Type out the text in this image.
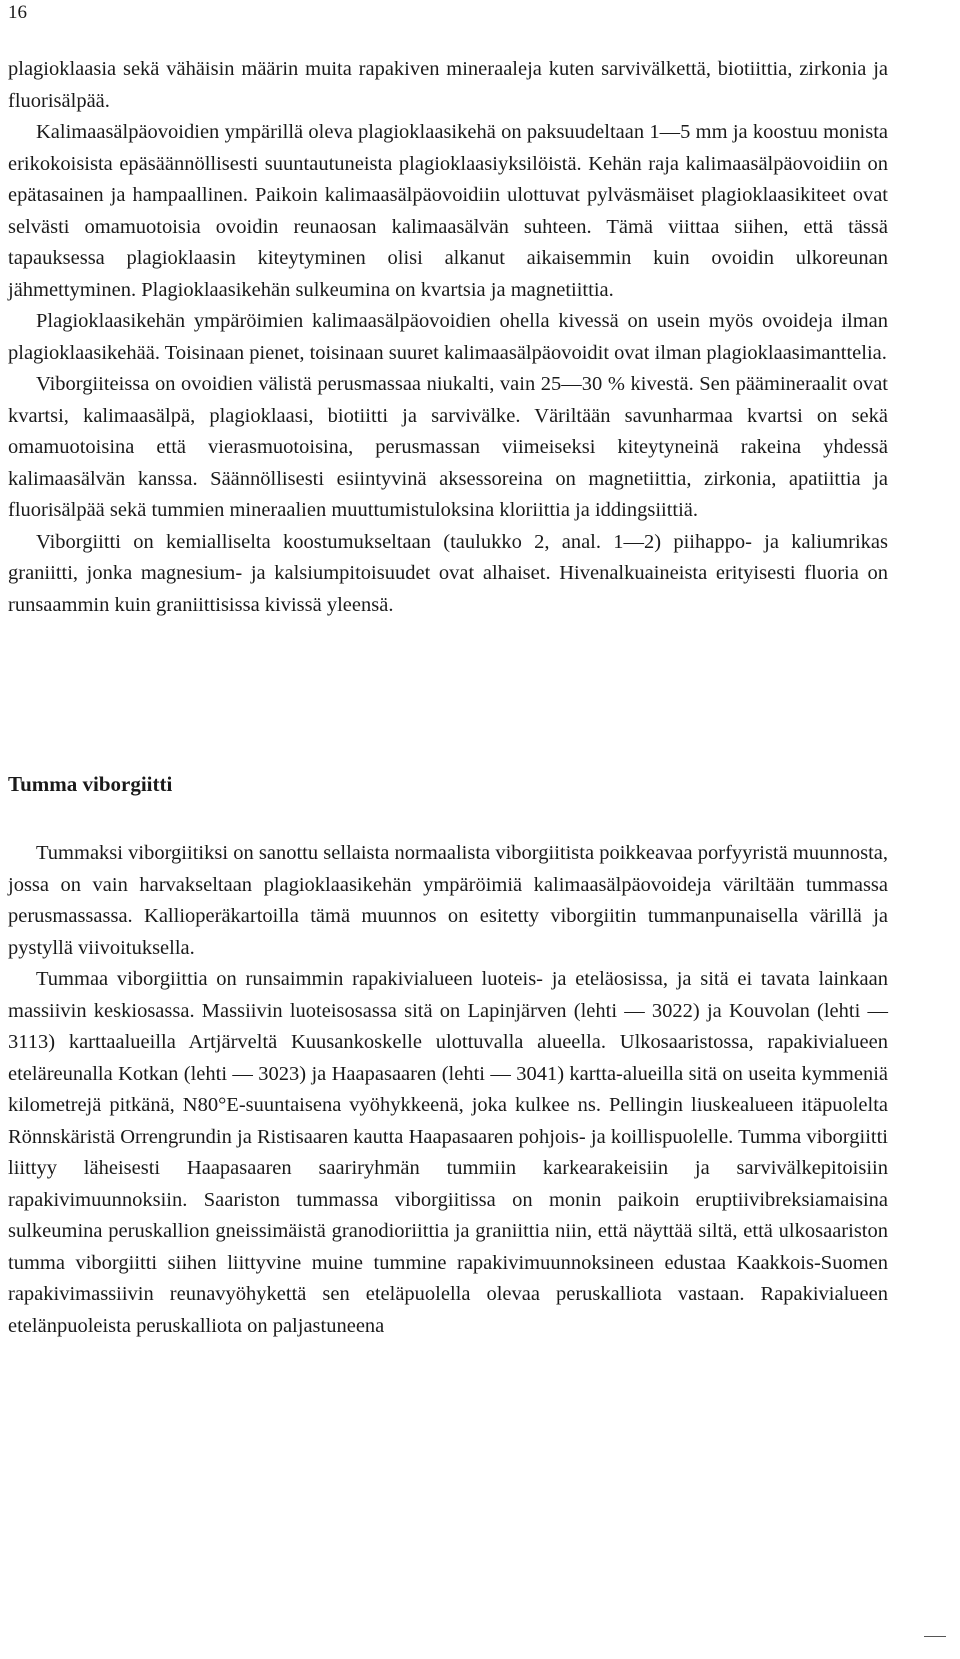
16

plagioklaasia sekä vähäisin määrin muita rapakiven mineraaleja kuten sarvivälkettä, biotiittia, zirkonia ja fluorisälpää.

Kalimaasälpäovoidien ympärillä oleva plagioklaasikehä on paksuudeltaan 1—5 mm ja koostuu monista erikokoisista epäsäännöllisesti suuntautuneista plagioklaasiyksilöistä. Kehän raja kalimaasälpäovoidiin on epätasainen ja hampaallinen. Paikoin kalimaasälpäovoidiin ulottuvat pylväsmäiset plagioklaasikiteet ovat selvästi omamuotoisia ovoidin reunaosan kalimaasälvän suhteen. Tämä viittaa siihen, että tässä tapauksessa plagioklaasin kiteytyminen olisi alkanut aikaisemmin kuin ovoidin ulkoreunan jähmettyminen. Plagioklaasikehän sulkeumina on kvartsia ja magnetiittia.

Plagioklaasikehän ympäröimien kalimaasälpäovoidien ohella kivessä on usein myös ovoideja ilman plagioklaasikehää. Toisinaan pienet, toisinaan suuret kalimaasälpäovoidit ovat ilman plagioklaasimanttelia.

Viborgiiteissa on ovoidien välistä perusmassaa niukalti, vain 25—30 % kivestä. Sen päämineraalit ovat kvartsi, kalimaasälpä, plagioklaasi, biotiitti ja sarvivälke. Väriltään savunharmaa kvartsi on sekä omamuotoisina että vierasmuotoisina, perusmassan viimeiseksi kiteytyneinä rakeina yhdessä kalimaasälvän kanssa. Säännöllisesti esiintyvinä aksessoreina on magnetiittia, zirkonia, apatiittia ja fluorisälpää sekä tummien mineraalien muuttumistuloksina kloriittia ja iddingsiittiä.

Viborgiitti on kemialliselta koostumukseltaan (taulukko 2, anal. 1—2) piihappo- ja kaliumrikas graniitti, jonka magnesium- ja kalsiumpitoisuudet ovat alhaiset. Hivenalkuaineista erityisesti fluoria on runsaammin kuin graniittisissa kivissä yleensä.

Tumma viborgiitti

Tummaksi viborgiitiksi on sanottu sellaista normaalista viborgiitista poikkeavaa porfyyristä muunnosta, jossa on vain harvakseltaan plagioklaasikehän ympäröimiä kalimaasälpäovoideja väriltään tummassa perusmassassa. Kallioperäkartoilla tämä muunnos on esitetty viborgiitin tummanpunaisella värillä ja pystyllä viivoituksella.

Tummaa viborgiittia on runsaimmin rapakivialueen luoteis- ja eteläosissa, ja sitä ei tavata lainkaan massiivin keskiosassa. Massiivin luoteisosassa sitä on Lapinjärven (lehti — 3022) ja Kouvolan (lehti — 3113) karttaalueilla Artjärveltä Kuusankoskelle ulottuvalla alueella. Ulkosaaristossa, rapakivialueen eteläreunalla Kotkan (lehti — 3023) ja Haapasaaren (lehti — 3041) kartta-alueilla sitä on useita kymmeniä kilometrejä pitkänä, N80°E-suuntaisena vyöhykkeenä, joka kulkee ns. Pellingin liuskealueen itäpuolelta Rönnskäristä Orrengrundin ja Ristisaaren kautta Haapasaaren pohjois- ja koillispuolelle. Tumma viborgiitti liittyy läheisesti Haapasaaren saariryhmän tummiin karkearakeisiin ja sarvivälkepitoisiin rapakivimuunnoksiin. Saariston tummassa viborgiitissa on monin paikoin eruptiivibreksiamaisina sulkeumina peruskallion gneissimäistä granodioriittia ja graniittia niin, että näyttää siltä, että ulkosaariston tumma viborgiitti siihen liittyvine muine tummine rapakivimuunnoksineen edustaa Kaakkois-Suomen rapakivimassiivin reunavyöhykettä sen eteläpuolella olevaa peruskalliota vastaan. Rapakivialueen etelänpuoleista peruskalliota on paljastuneena
